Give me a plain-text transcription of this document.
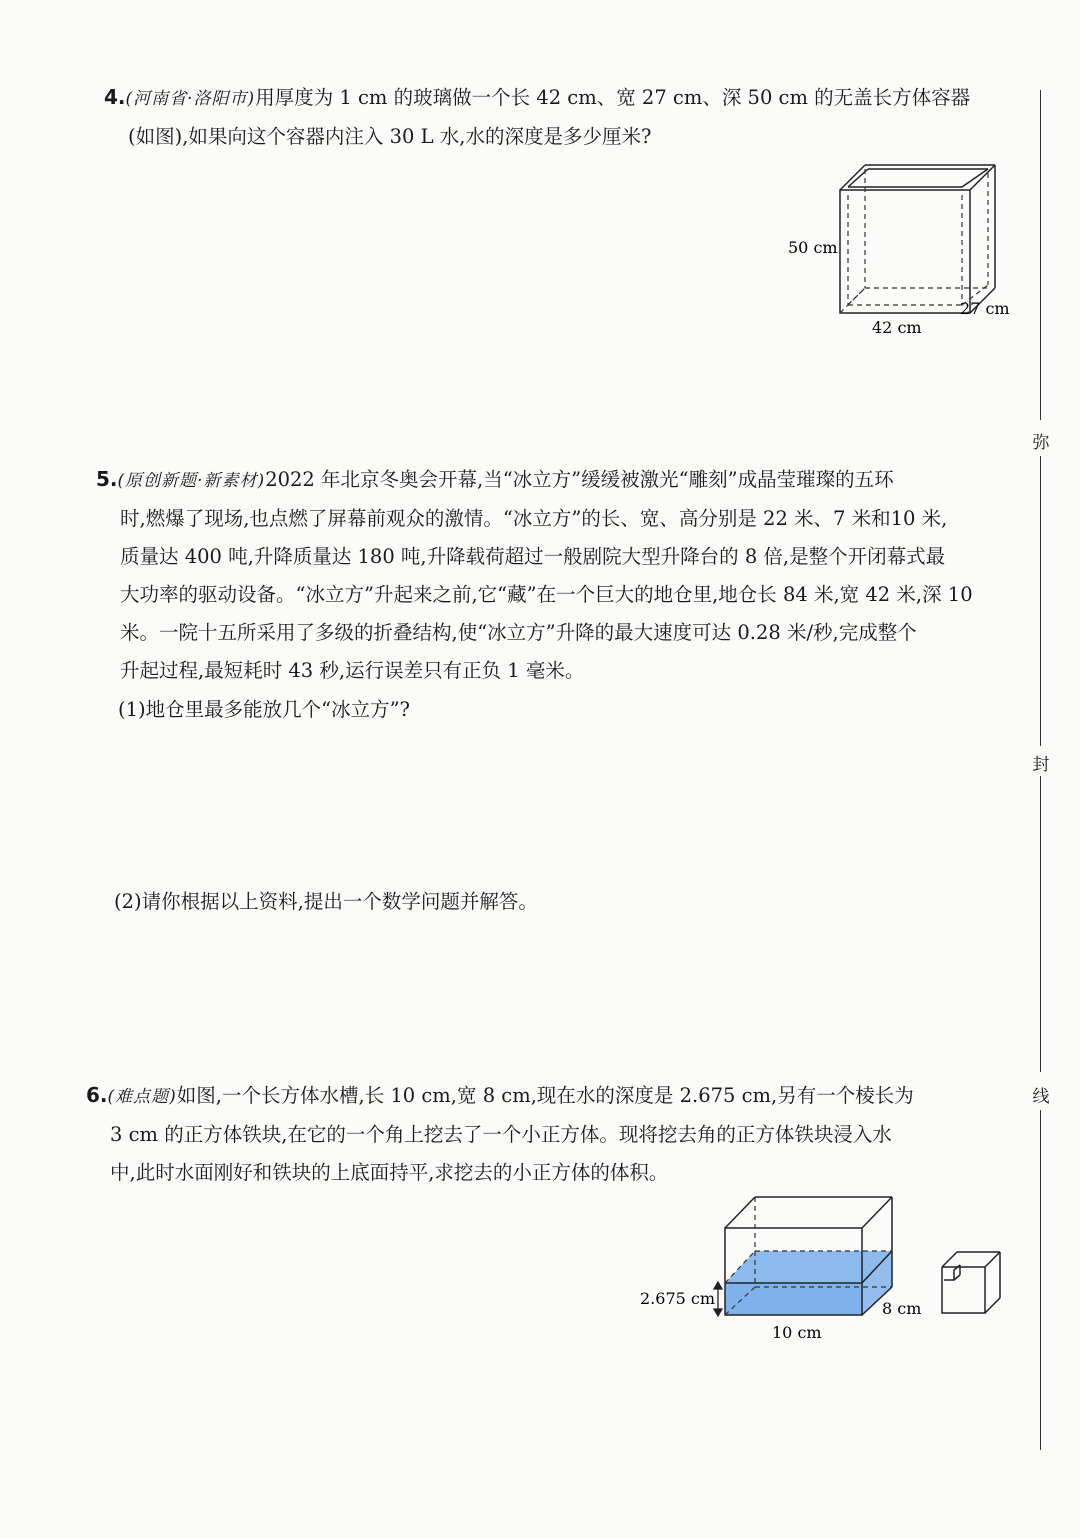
弥
封
线

4.(河南省·洛阳市)用厚度为 1 cm 的玻璃做一个长 42 cm、宽 27 cm、深 50 cm 的无盖长方体容器

(如图),如果向这个容器内注入 30 L 水,水的深度是多少厘米?

50 cm
42 cm
27 cm

5.(原创新题·新素材)2022 年北京冬奥会开幕,当“冰立方”缓缓被激光“雕刻”成晶莹璀璨的五环

时,燃爆了现场,也点燃了屏幕前观众的激情。“冰立方”的长、宽、高分别是 22 米、7 米和10 米,

质量达 400 吨,升降质量达 180 吨,升降载荷超过一般剧院大型升降台的 8 倍,是整个开闭幕式最

大功率的驱动设备。“冰立方”升起来之前,它“藏”在一个巨大的地仓里,地仓长 84 米,宽 42 米,深 10

米。一院十五所采用了多级的折叠结构,使“冰立方”升降的最大速度可达 0.28 米/秒,完成整个

升起过程,最短耗时 43 秒,运行误差只有正负 1 毫米。

(1)地仓里最多能放几个“冰立方”?
(2)请你根据以上资料,提出一个数学问题并解答。

6.(难点题)如图,一个长方体水槽,长 10 cm,宽 8 cm,现在水的深度是 2.675 cm,另有一个棱长为

3 cm 的正方体铁块,在它的一个角上挖去了一个小正方体。现将挖去角的正方体铁块浸入水

中,此时水面刚好和铁块的上底面持平,求挖去的小正方体的体积。

2.675 cm
10 cm
8 cm
